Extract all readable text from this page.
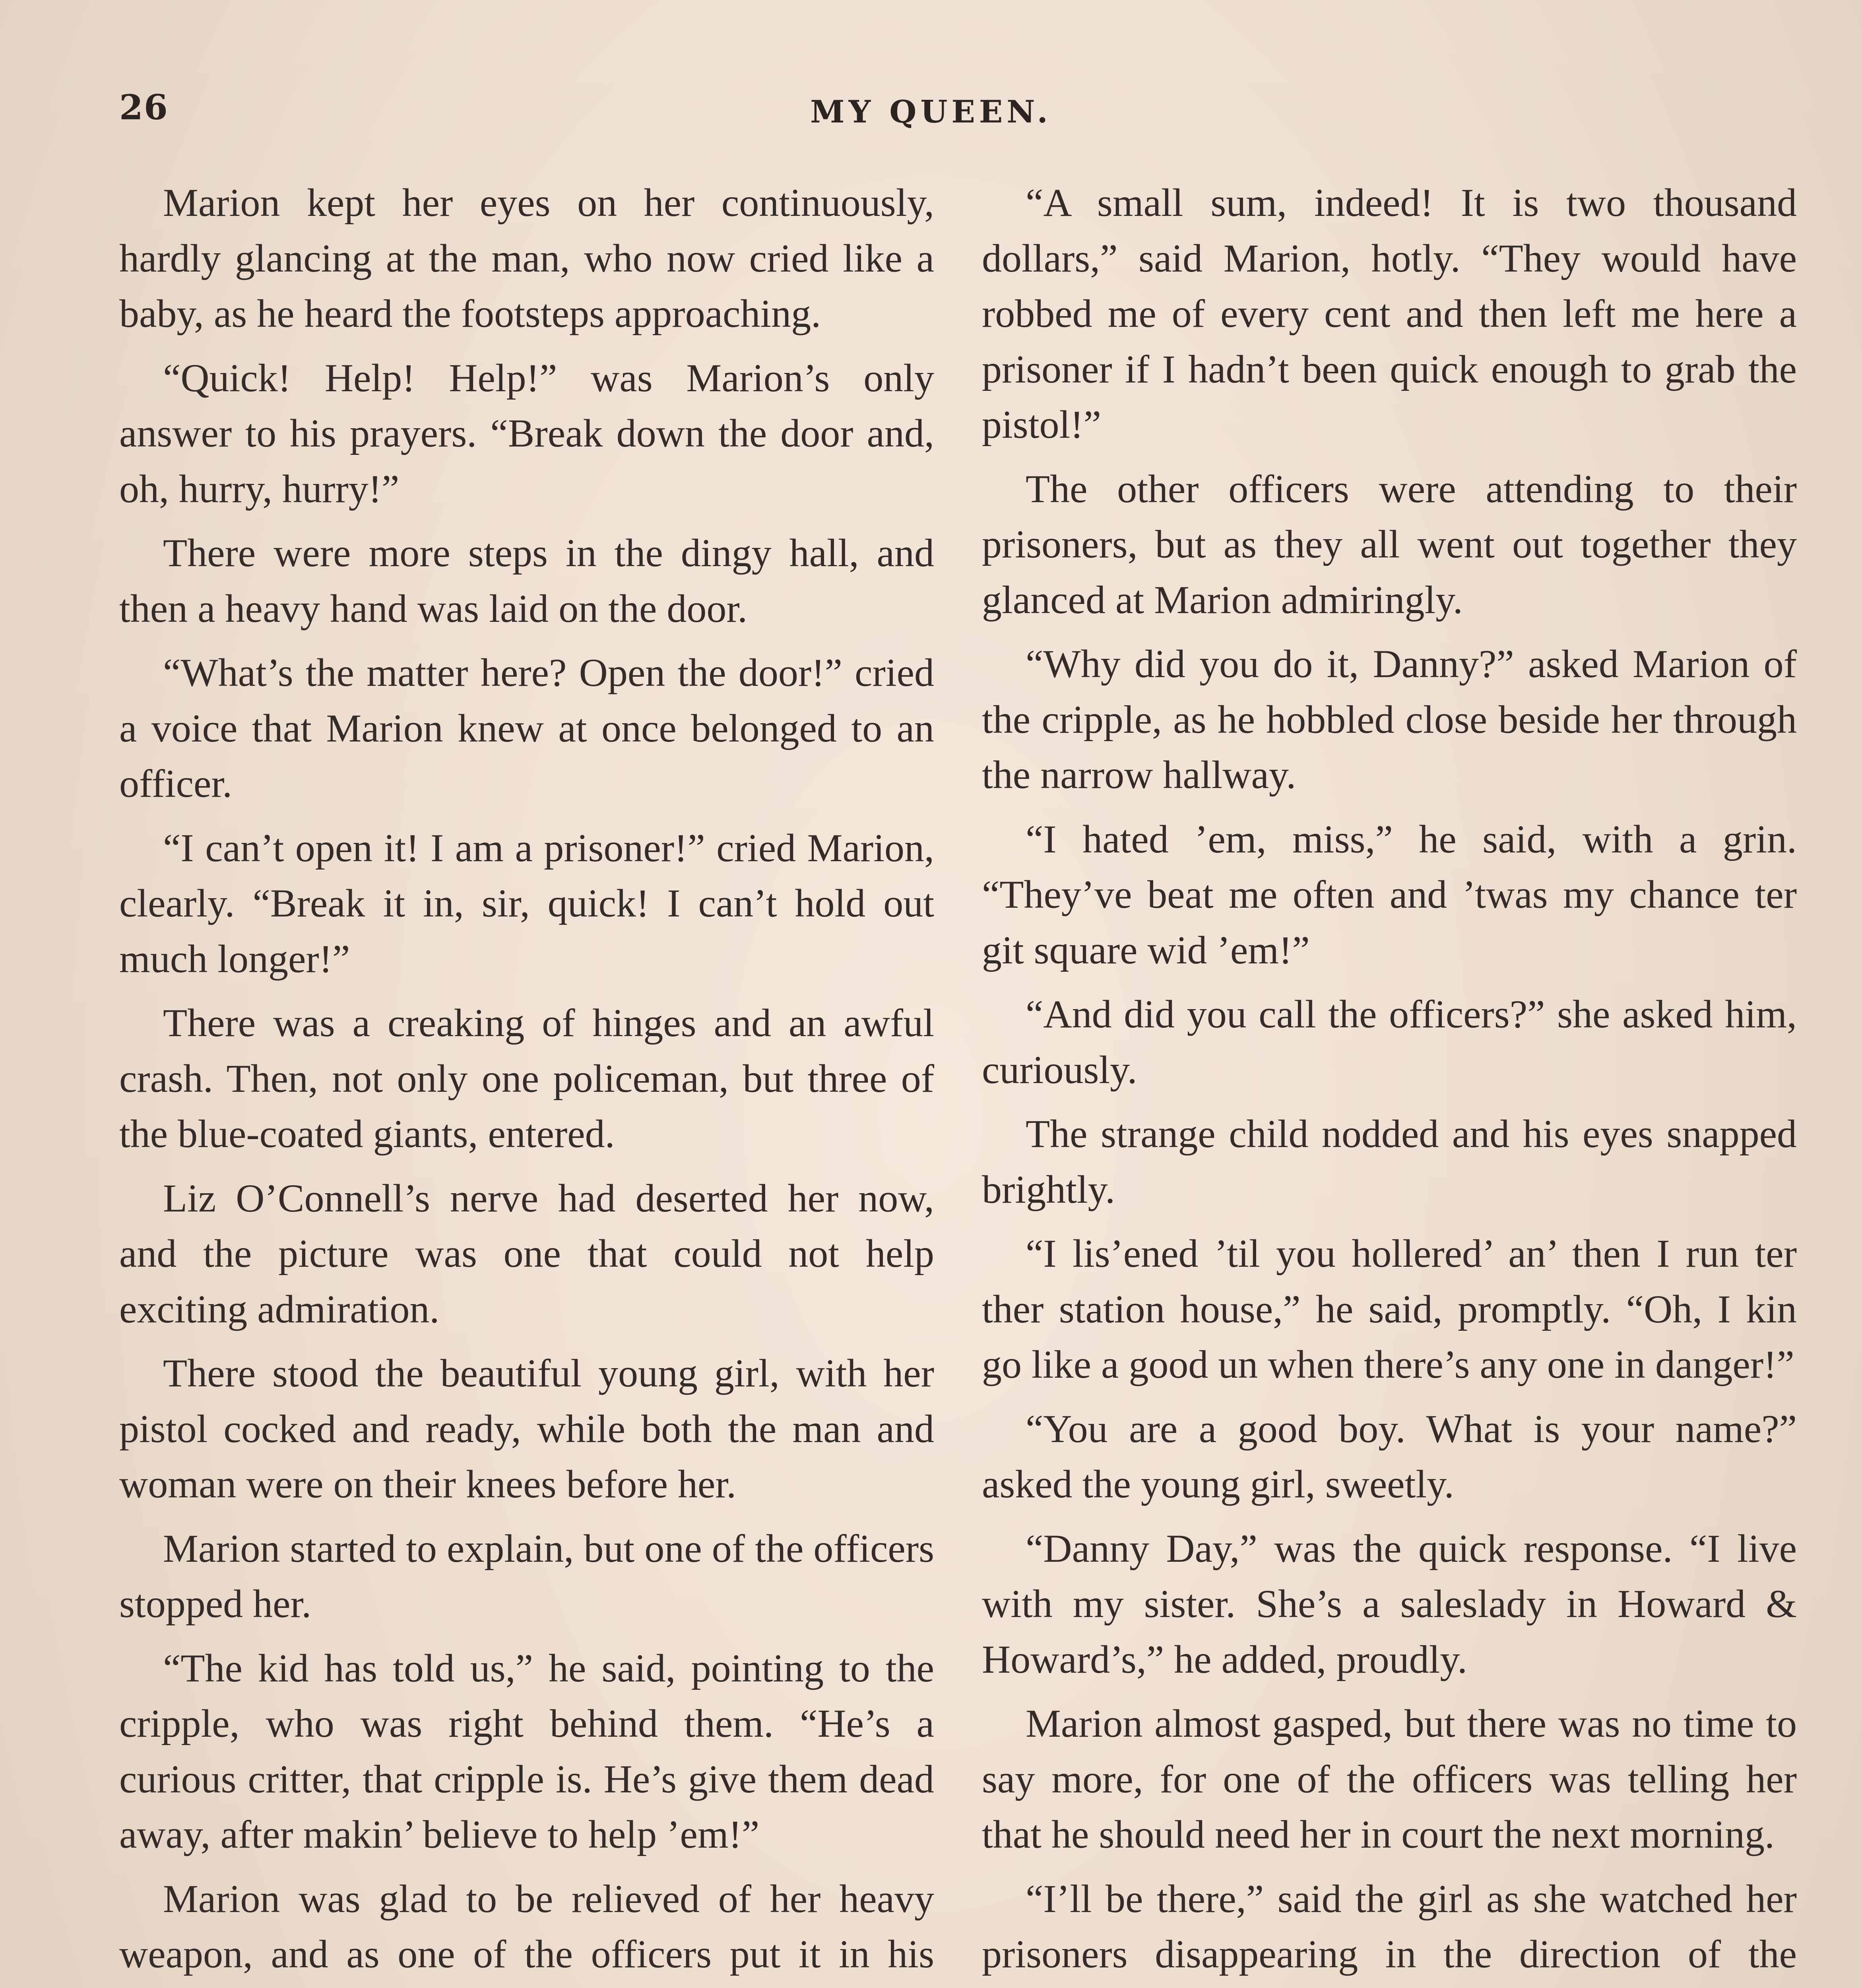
26	MY QUEEN.

Marion kept her eyes on her continuously, hardly glancing at the man, who now cried like a baby, as he heard the footsteps approaching.

“Quick! Help! Help!” was Marion’s only answer to his prayers. “Break down the door and, oh, hurry, hurry!”

There were more steps in the dingy hall, and then a heavy hand was laid on the door.

“What’s the matter here? Open the door!” cried a voice that Marion knew at once belonged to an officer.

“I can’t open it! I am a prisoner!” cried Marion, clearly. “Break it in, sir, quick! I can’t hold out much longer!”

There was a creaking of hinges and an awful crash. Then, not only one policeman, but three of the blue-coated giants, entered.

Liz O’Connell’s nerve had deserted her now, and the picture was one that could not help exciting admiration.

There stood the beautiful young girl, with her pistol cocked and ready, while both the man and woman were on their knees before her.

Marion started to explain, but one of the officers stopped her.

“The kid has told us,” he said, pointing to the cripple, who was right behind them. “He’s a curious critter, that cripple is. He’s give them dead away, after makin’ believe to help ’em!”

Marion was glad to be relieved of her heavy weapon, and as one of the officers put it in his

“A small sum, indeed! It is two thousand dollars,” said Marion, hotly. “They would have robbed me of every cent and then left me here a prisoner if I hadn’t been quick enough to grab the pistol!”

The other officers were attending to their prisoners, but as they all went out together they glanced at Marion admiringly.

“Why did you do it, Danny?” asked Marion of the cripple, as he hobbled close beside her through the narrow hallway.

“I hated ’em, miss,” he said, with a grin. “They’ve beat me often and ’twas my chance ter git square wid ’em!”

“And did you call the officers?” she asked him, curiously.

The strange child nodded and his eyes snapped brightly.

“I lis’ened ’til you hollered’ an’ then I run ter ther station house,” he said, promptly. “Oh, I kin go like a good un when there’s any one in danger!”

“You are a good boy. What is your name?” asked the young girl, sweetly.

“Danny Day,” was the quick response. “I live with my sister. She’s a saleslady in Howard & Howard’s,” he added, proudly.

Marion almost gasped, but there was no time to say more, for one of the officers was telling her that he should need her in court the next morning.

“I’ll be there,” said the girl as she watched her prisoners disappearing in the direction of the
